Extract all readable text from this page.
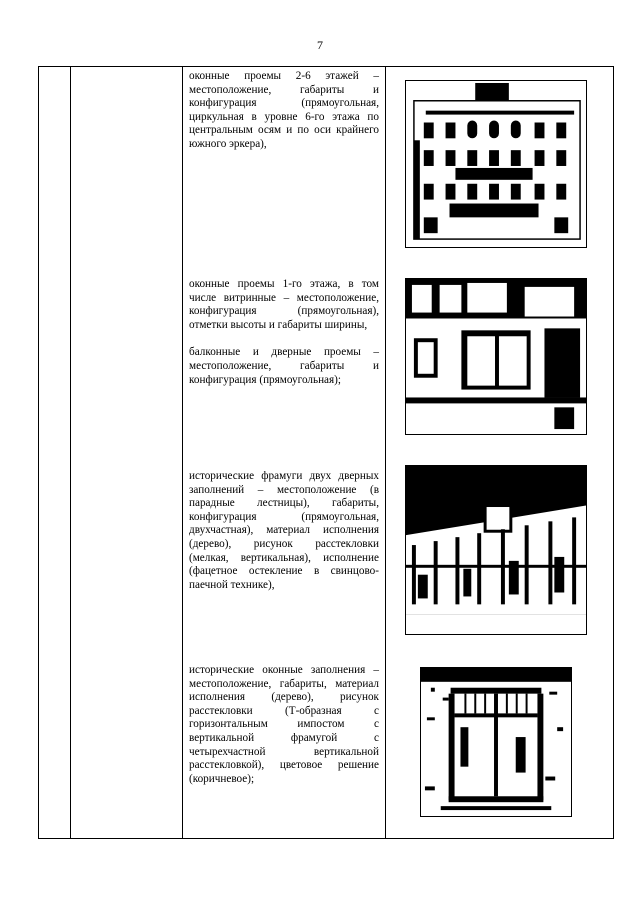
7

оконные проемы 2-6 этажей – местоположение, габариты и конфигурация (прямоугольная, циркульная в уровне 6-го этажа по центральным осям и по оси крайнего южного эркера),

оконные проемы 1-го этажа, в том числе витринные – местоположение, конфигурация (прямоугольная), отметки высоты и габариты ширины,

балконные и дверные проемы – местоположение, габариты и конфигурация (прямоугольная);

исторические фрамуги двух дверных заполнений – местоположение (в парадные лестницы), габариты, конфигурация (прямоугольная, двухчастная), материал исполнения (дерево), рисунок расстекловки (мелкая, вертикальная), исполнение (фацетное остекление в свинцово-паечной технике),

исторические оконные заполнения – местоположение, габариты, материал исполнения (дерево), рисунок расстекловки (Т-образная с горизонтальным импостом с вертикальной фрамугой с четырехчастной вертикальной расстекловкой), цветовое решение (коричневое);
